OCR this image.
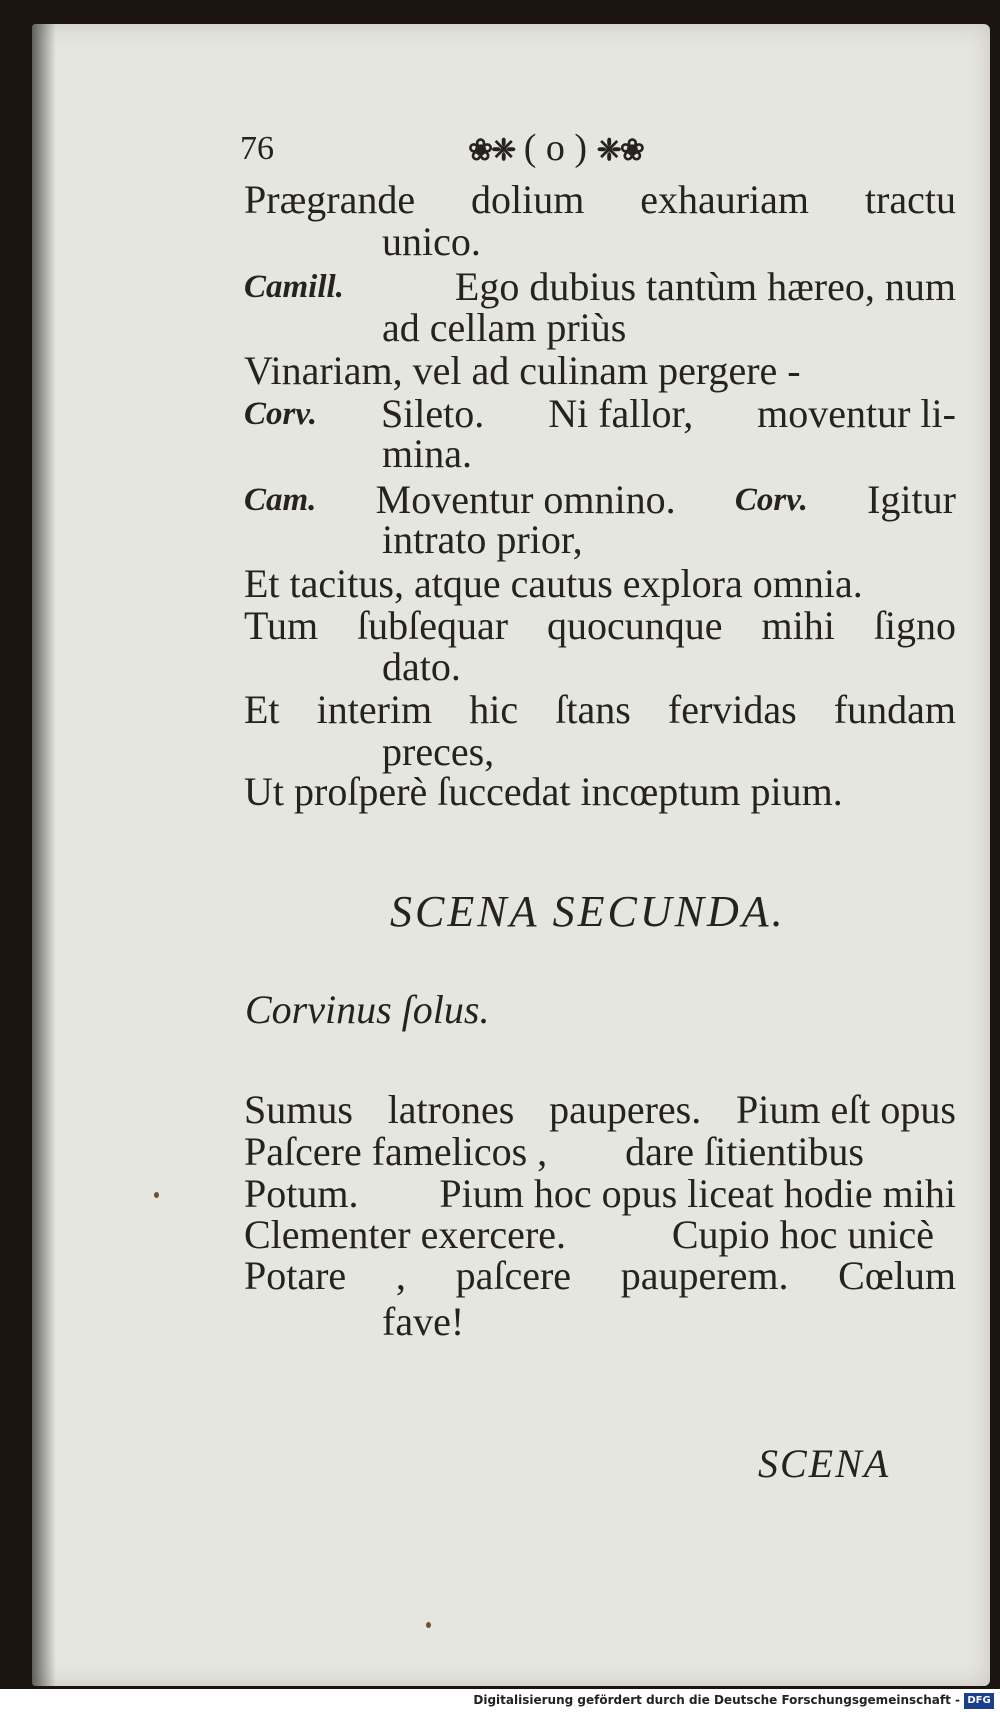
76	❀❈ ( o ) ❈❀
Prægrande dolium exhauriam tractu
unico.
Camill.	Ego dubius tantùm hæreo, num
ad cellam priùs
Vinariam, vel ad culinam pergere -
Corv. Sileto. Ni fallor, moventur li-
mina.
Cam. Moventur omnino. Corv. Igitur
intrato prior,
Et tacitus, atque cautus explora omnia.
Tum ſubſequar quocunque mihi ſigno
dato.
Et interim hic ſtans fervidas fundam
preces,
Ut proſperè ſuccedat incœptum pium.
SCENA SECUNDA.
Corvinus ſolus.
Sumus latrones pauperes. Pium eſt opus
Paſcere famelicos , dare ſitientibus
Potum. Pium hoc opus liceat hodie mihi
Clementer exercere.	Cupio hoc unicè
Potare , paſcere pauperem. Cœlum
fave!
SCENA
Digitalisierung gefördert durch die Deutsche Forschungsgemeinschaft - DFG
